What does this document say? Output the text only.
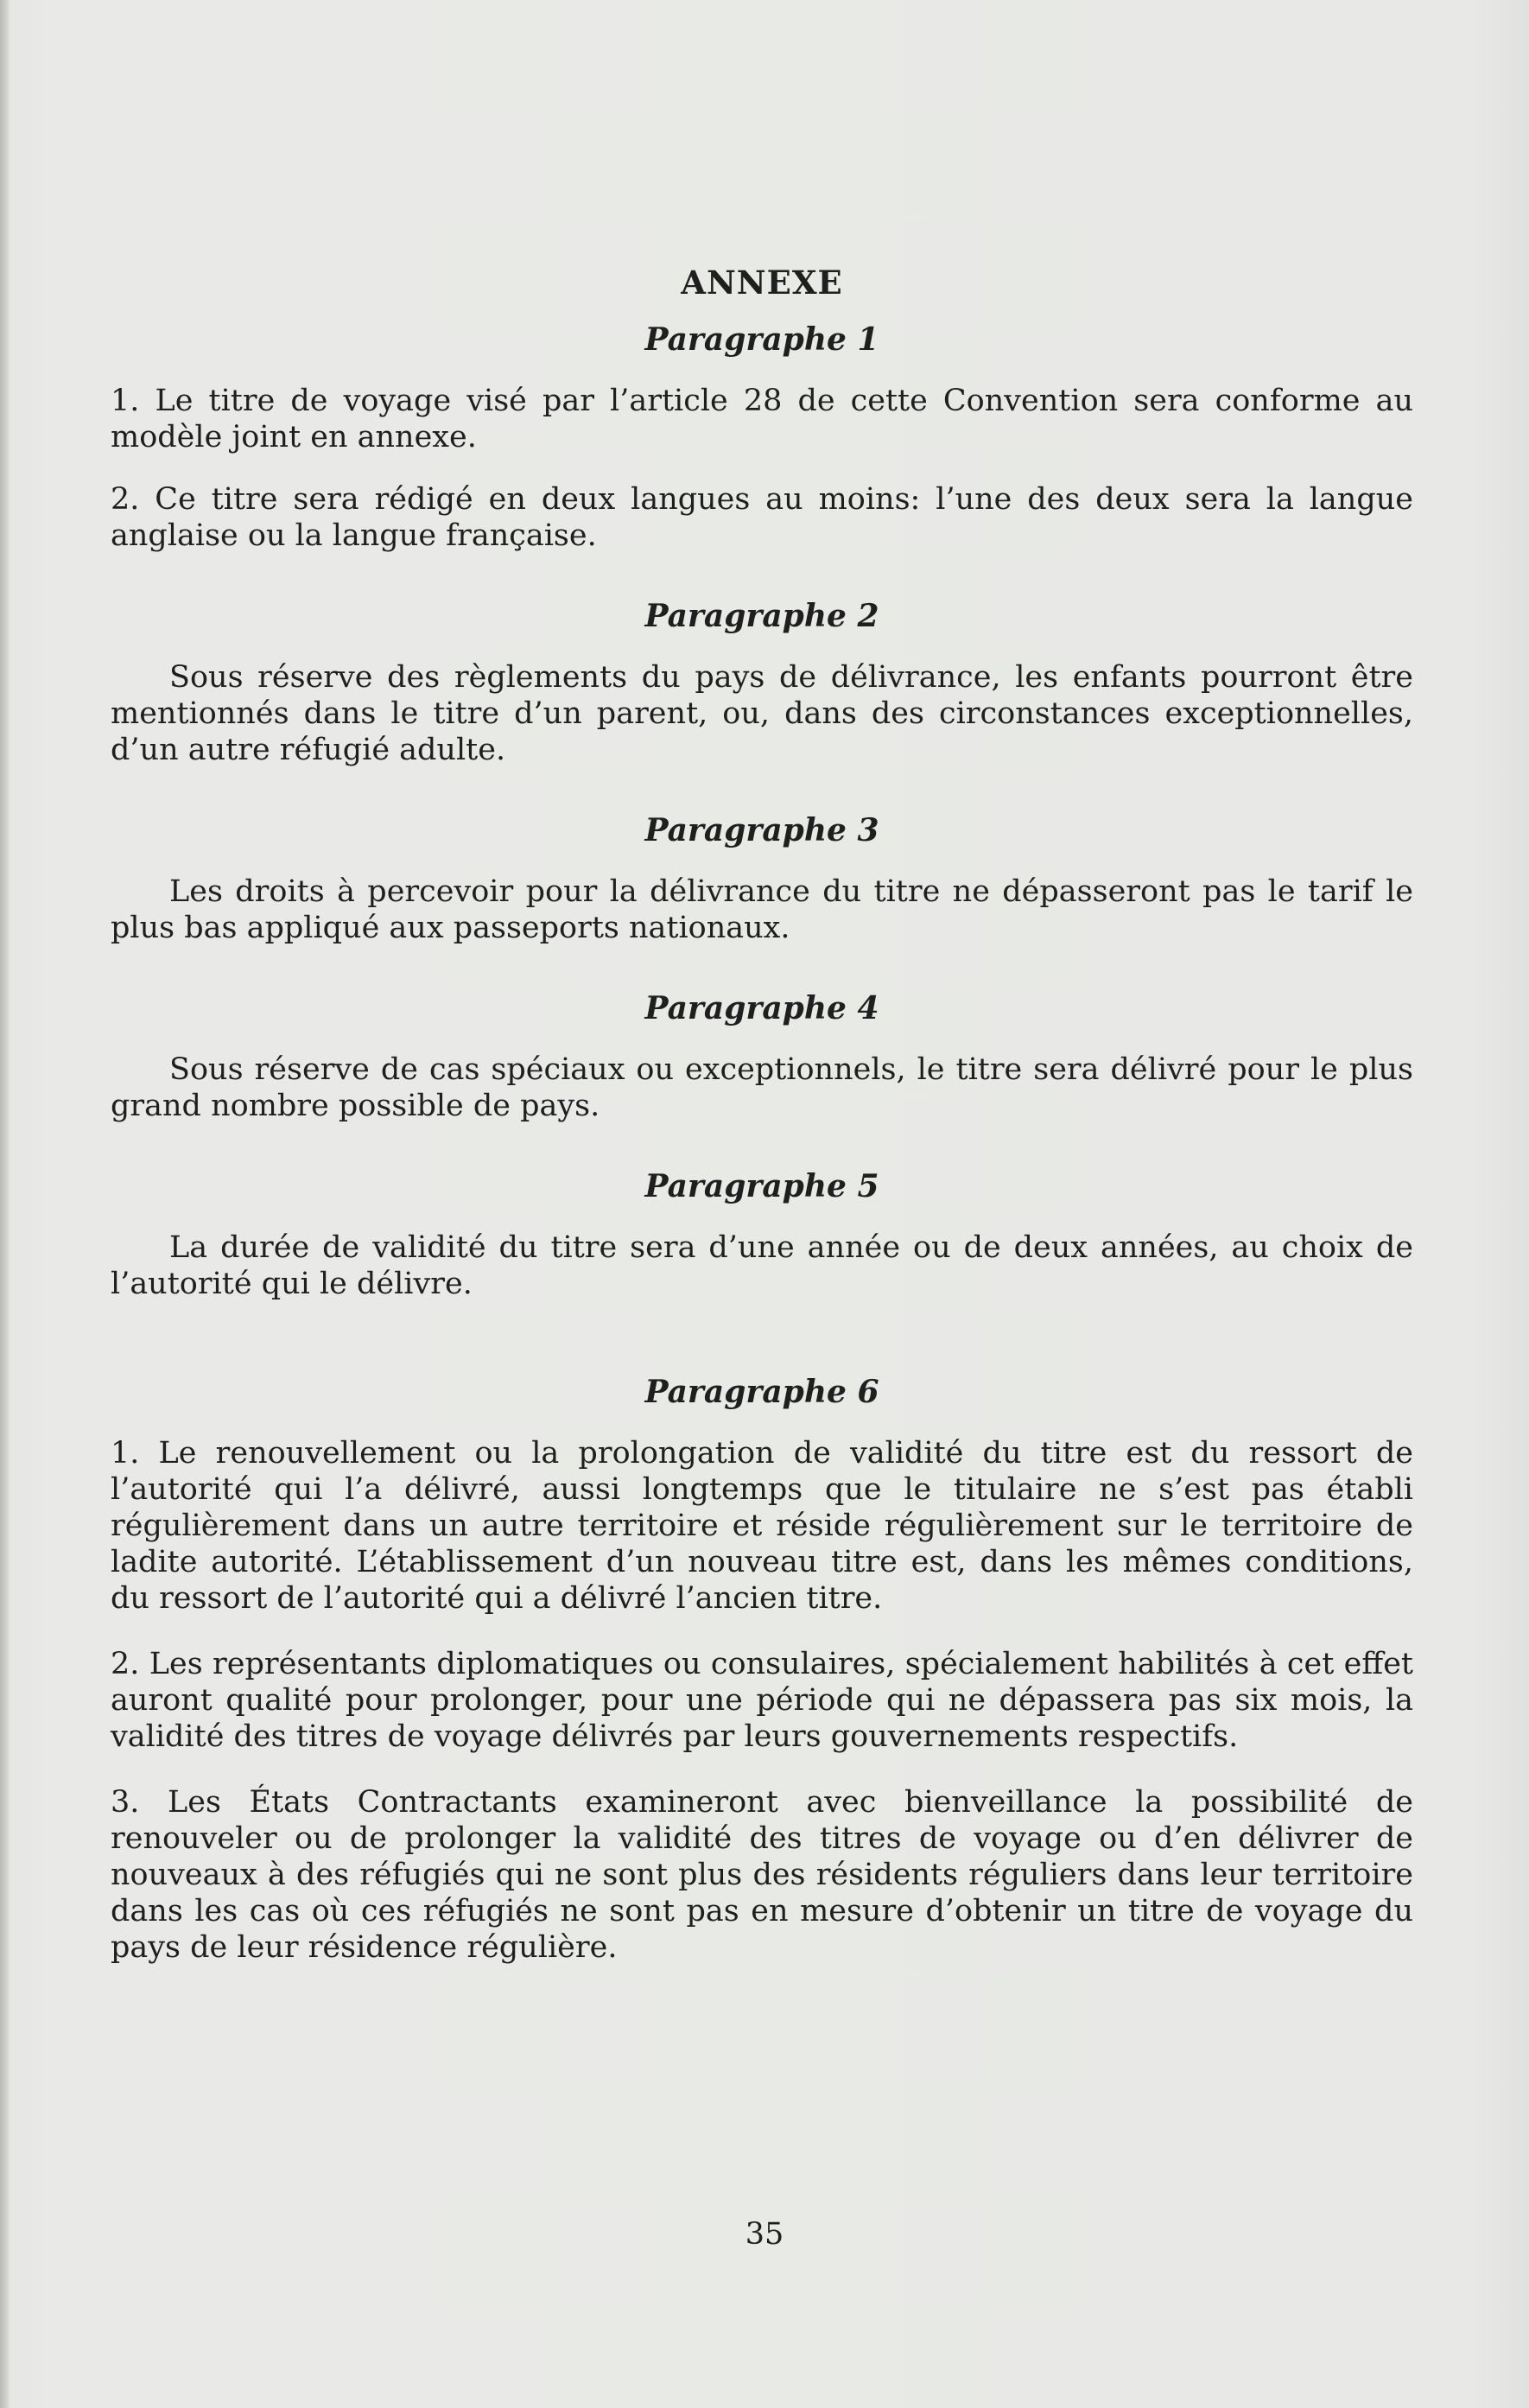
ANNEXE
Paragraphe 1

1. Le titre de voyage visé par l’article 28 de cette Convention sera conforme au modèle joint en annexe.

2. Ce titre sera rédigé en deux langues au moins: l’une des deux sera la langue anglaise ou la langue française.

Paragraphe 2

Sous réserve des règlements du pays de délivrance, les enfants pourront être mentionnés dans le titre d’un parent, ou, dans des circonstances exceptionnelles, d’un autre réfugié adulte.

Paragraphe 3

Les droits à percevoir pour la délivrance du titre ne dépasseront pas le tarif le plus bas appliqué aux passeports nationaux.

Paragraphe 4

Sous réserve de cas spéciaux ou exceptionnels, le titre sera délivré pour le plus grand nombre possible de pays.

Paragraphe 5

La durée de validité du titre sera d’une année ou de deux années, au choix de l’autorité qui le délivre.

Paragraphe 6

1. Le renouvellement ou la prolongation de validité du titre est du ressort de l’autorité qui l’a délivré, aussi longtemps que le titulaire ne s’est pas établi régulièrement dans un autre territoire et réside régulièrement sur le territoire de ladite autorité. L’établissement d’un nouveau titre est, dans les mêmes conditions, du ressort de l’autorité qui a délivré l’ancien titre.

2. Les représentants diplomatiques ou consulaires, spécialement habilités à cet effet auront qualité pour prolonger, pour une période qui ne dépassera pas six mois, la validité des titres de voyage délivrés par leurs gouvernements respectifs.

3. Les États Contractants examineront avec bienveillance la possibilité de renouveler ou de prolonger la validité des titres de voyage ou d’en délivrer de nouveaux à des réfugiés qui ne sont plus des résidents réguliers dans leur territoire dans les cas où ces réfugiés ne sont pas en mesure d’obtenir un titre de voyage du pays de leur résidence régulière.

35
